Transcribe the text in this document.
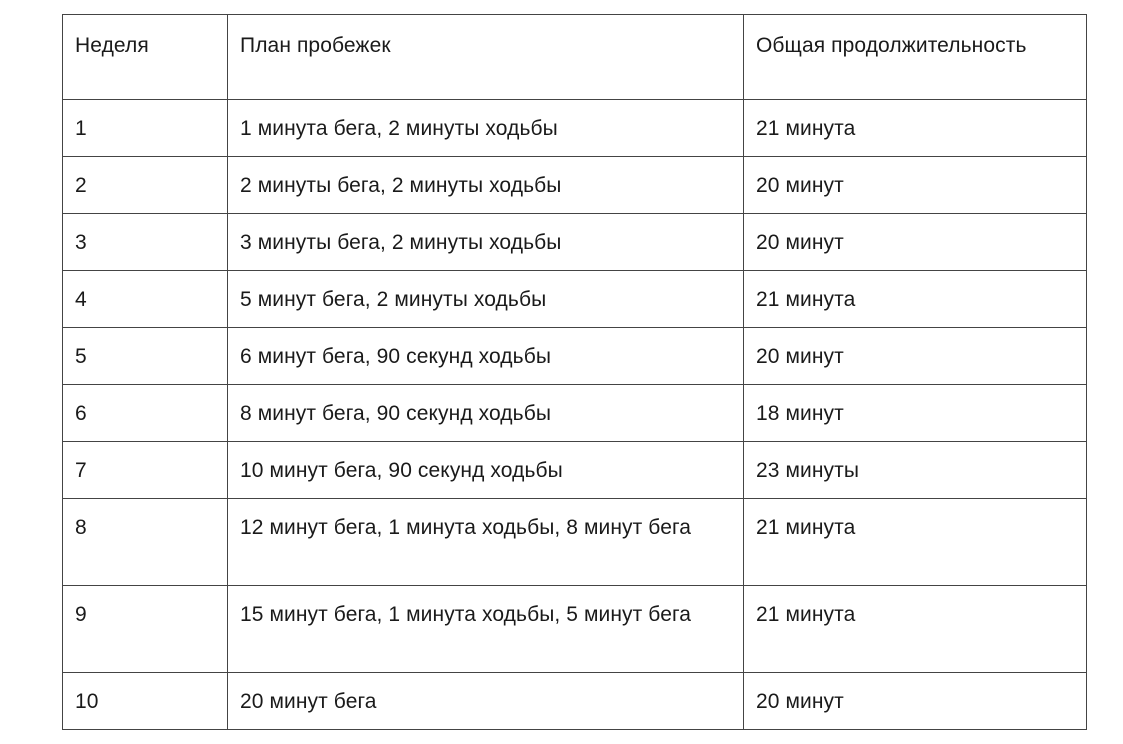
Неделя	План пробежек	Общая продолжительность
1	1 минута бега, 2 минуты ходьбы	21 минута
2	2 минуты бега, 2 минуты ходьбы	20 минут
3	3 минуты бега, 2 минуты ходьбы	20 минут
4	5 минут бега, 2 минуты ходьбы	21 минута
5	6 минут бега, 90 секунд ходьбы	20 минут
6	8 минут бега, 90 секунд ходьбы	18 минут
7	10 минут бега, 90 секунд ходьбы	23 минуты
8	12 минут бега, 1 минута ходьбы, 8 минут бега	21 минута
9	15 минут бега, 1 минута ходьбы, 5 минут бега	21 минута
10	20 минут бега	20 минут
